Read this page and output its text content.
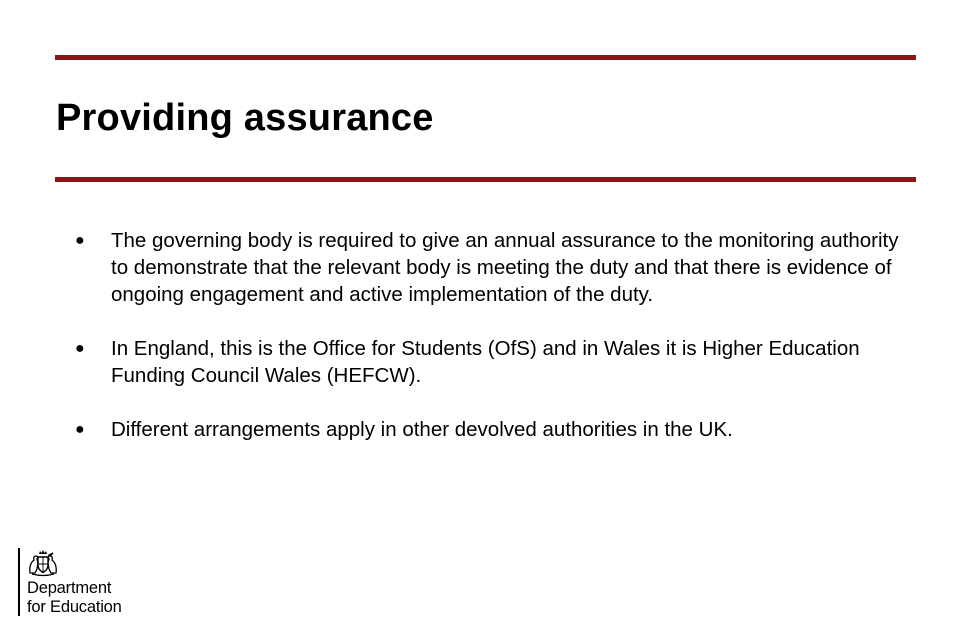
Providing assurance
●	The governing body is required to give an annual assurance to the monitoring authority to demonstrate that the relevant body is meeting the duty and that there is evidence of ongoing engagement and active implementation of the duty.
●	In England, this is the Office for Students (OfS) and in Wales it is Higher Education Funding Council Wales (HEFCW).
●	Different arrangements apply in other devolved authorities in the UK.
Department
for Education
